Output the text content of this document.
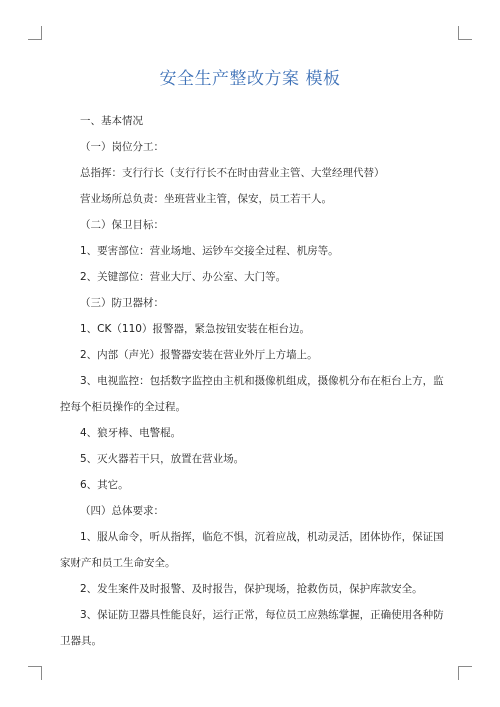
安全生产整改方案 模板
一、基本情况
（一）岗位分工：
总指挥：支行行长（支行行长不在时由营业主管、大堂经理代替）
营业场所总负责：坐班营业主管，保安，员工若干人。
（二）保卫目标：
1、要害部位：营业场地、运钞车交接全过程、机房等。
2、关键部位：营业大厅、办公室、大门等。
（三）防卫器材：
1、CK（110）报警器，紧急按钮安装在柜台边。
2、内部（声光）报警器安装在营业外厅上方墙上。
3、电视监控：包括数字监控由主机和摄像机组成，摄像机分布在柜台上方，监
控每个柜员操作的全过程。
4、狼牙棒、电警棍。
5、灭火器若干只，放置在营业场。
6、其它。
（四）总体要求：
1、服从命令，听从指挥，临危不惧，沉着应战，机动灵活，团体协作，保证国
家财产和员工生命安全。
2、发生案件及时报警、及时报告，保护现场，抢救伤员，保护库款安全。
3、保证防卫器具性能良好，运行正常，每位员工应熟练掌握，正确使用各种防
卫器具。
